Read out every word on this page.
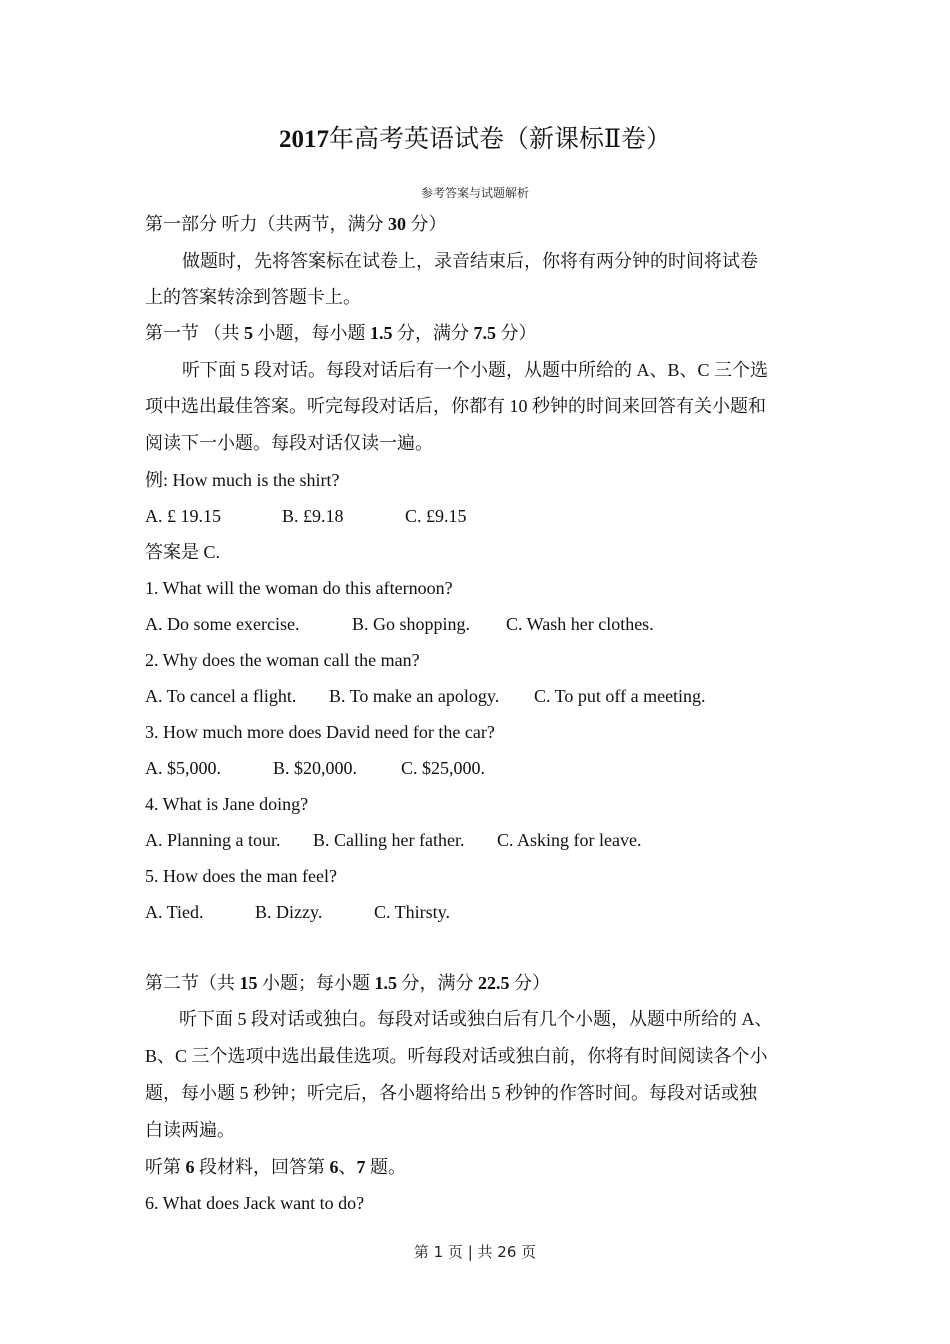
2017年高考英语试卷（新课标Ⅱ卷）
参考答案与试题解析
第一部分 听力（共两节，满分 30 分）
做题时，先将答案标在试卷上，录音结束后，你将有两分钟的时间将试卷
上的答案转涂到答题卡上。
第一节 （共 5 小题，每小题 1.5 分，满分 7.5 分）
听下面 5 段对话。每段对话后有一个小题，从题中所给的 A、B、C 三个选
项中选出最佳答案。听完每段对话后，你都有 10 秒钟的时间来回答有关小题和
阅读下一小题。每段对话仅读一遍。
例: How much is the shirt?
A. £ 19.15	B. £9.18	C. £9.15
答案是 C.
1. What will the woman do this afternoon?
A. Do some exercise.	B. Go shopping. C. Wash her clothes.
2. Why does the woman call the man?
A. To cancel a flight. B. To make an apology. C. To put off a meeting.
3. How much more does David need for the car?
A. $5,000.	B. $20,000. C. $25,000.
4. What is Jane doing?
A. Planning a tour. B. Calling her father. C. Asking for leave.
5. How does the man feel?
A. Tied.	B. Dizzy.	C. Thirsty.
第二节（共 15 小题；每小题 1.5 分，满分 22.5 分）
听下面 5 段对话或独白。每段对话或独白后有几个小题，从题中所给的 A、
B、C 三个选项中选出最佳选项。听每段对话或独白前，你将有时间阅读各个小
题，每小题 5 秒钟；听完后，各小题将给出 5 秒钟的作答时间。每段对话或独
白读两遍。
听第 6 段材料，回答第 6、7 题。
6. What does Jack want to do?
第 1 页 | 共 26 页
